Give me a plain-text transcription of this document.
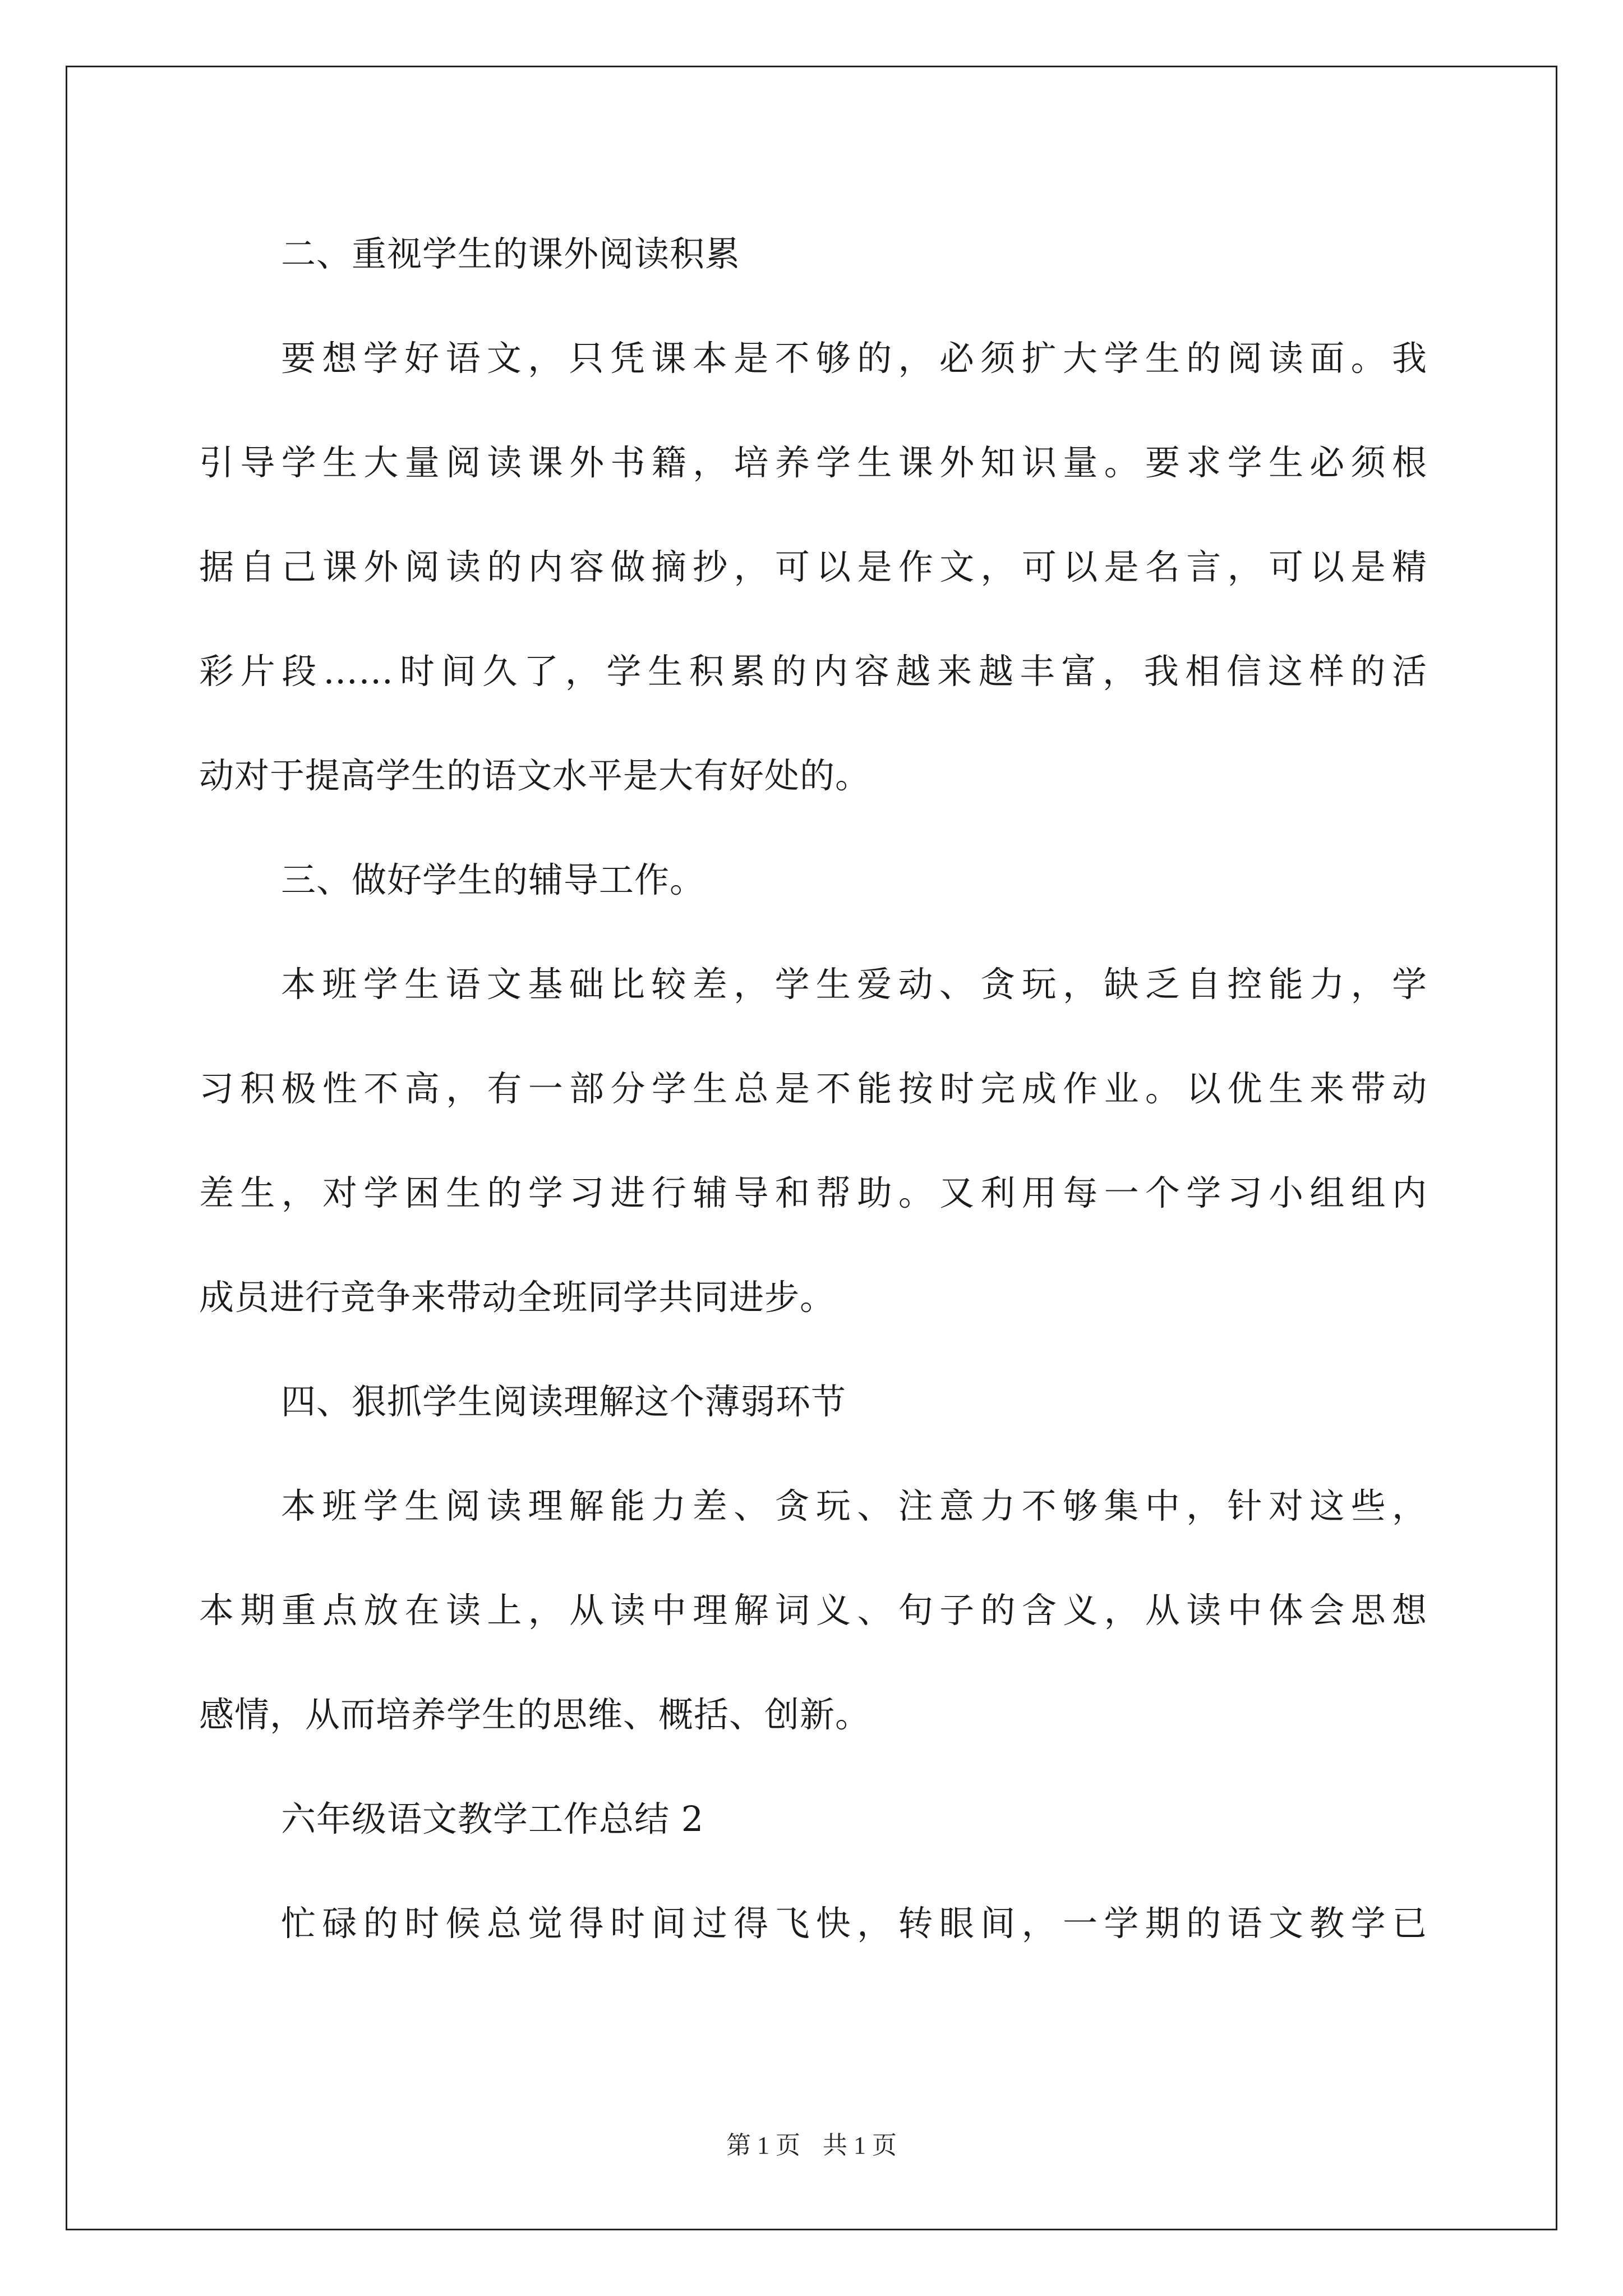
二、重视学生的课外阅读积累
要想学好语文，只凭课本是不够的，必须扩大学生的阅读面。我
引导学生大量阅读课外书籍，培养学生课外知识量。要求学生必须根
据自己课外阅读的内容做摘抄，可以是作文，可以是名言，可以是精
彩片段……时间久了，学生积累的内容越来越丰富，我相信这样的活
动对于提高学生的语文水平是大有好处的。
三、做好学生的辅导工作。
本班学生语文基础比较差，学生爱动、贪玩，缺乏自控能力，学
习积极性不高，有一部分学生总是不能按时完成作业。以优生来带动
差生，对学困生的学习进行辅导和帮助。又利用每一个学习小组组内
成员进行竞争来带动全班同学共同进步。
四、狠抓学生阅读理解这个薄弱环节
本班学生阅读理解能力差、贪玩、注意力不够集中，针对这些，
本期重点放在读上，从读中理解词义、句子的含义，从读中体会思想
感情，从而培养学生的思维、概括、创新。
六年级语文教学工作总结 2
忙碌的时候总觉得时间过得飞快，转眼间，一学期的语文教学已
第 1 页 共 1 页
